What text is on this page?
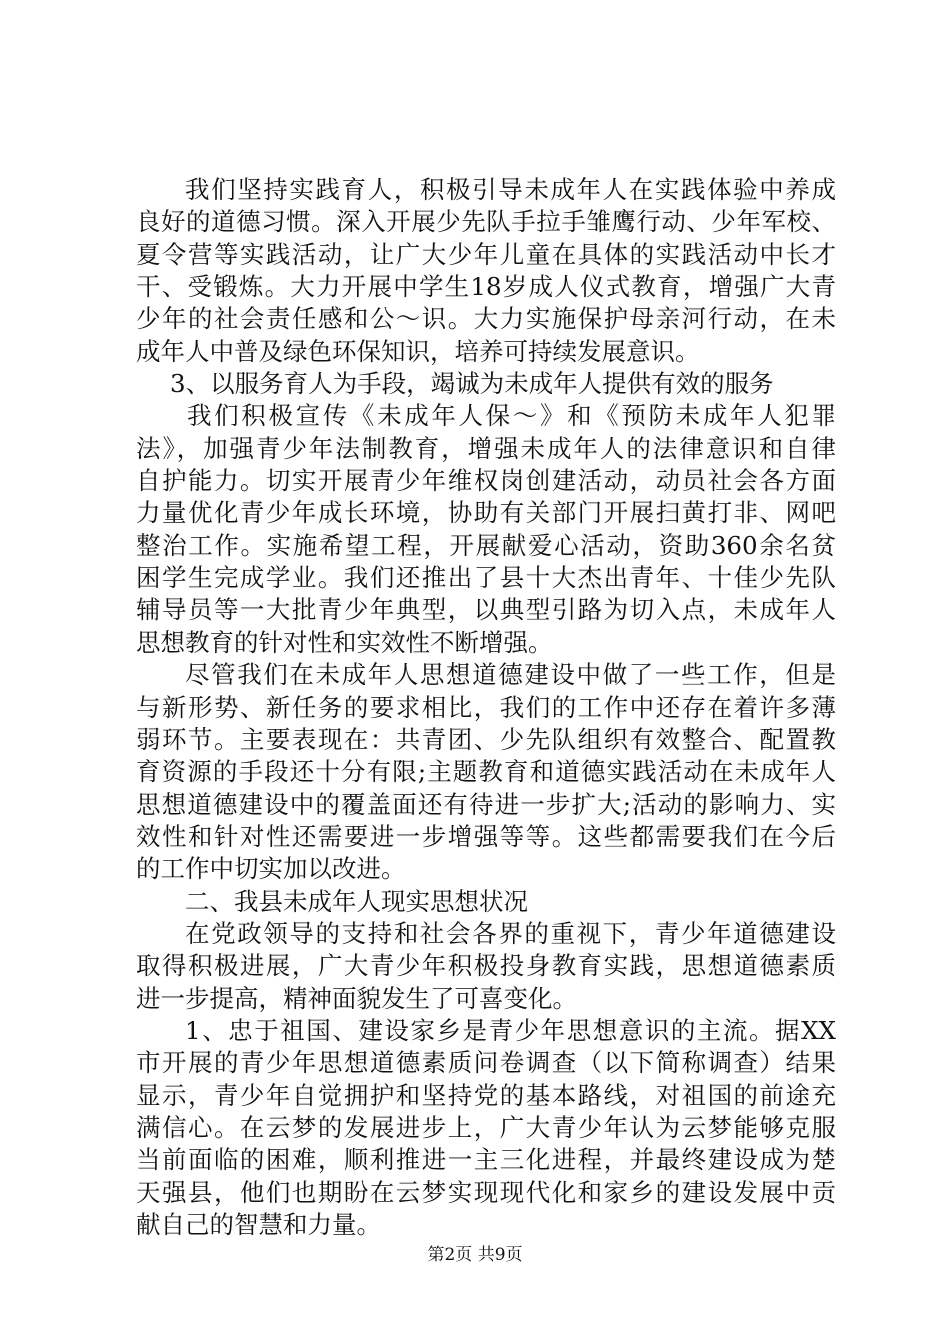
我们坚持实践育人，积极引导未成年人在实践体验中养成
良好的道德习惯。深入开展少先队手拉手雏鹰行动、少年军校、
夏令营等实践活动，让广大少年儿童在具体的实践活动中长才
干、受锻炼。大力开展中学生18岁成人仪式教育，增强广大青
少年的社会责任感和公～识。大力实施保护母亲河行动，在未
成年人中普及绿色环保知识，培养可持续发展意识。
3、以服务育人为手段，竭诚为未成年人提供有效的服务
我们积极宣传《未成年人保～》和《预防未成年人犯罪
法》，加强青少年法制教育，增强未成年人的法律意识和自律
自护能力。切实开展青少年维权岗创建活动，动员社会各方面
力量优化青少年成长环境，协助有关部门开展扫黄打非、网吧
整治工作。实施希望工程，开展献爱心活动，资助360余名贫
困学生完成学业。我们还推出了县十大杰出青年、十佳少先队
辅导员等一大批青少年典型，以典型引路为切入点，未成年人
思想教育的针对性和实效性不断增强。
尽管我们在未成年人思想道德建设中做了一些工作，但是
与新形势、新任务的要求相比，我们的工作中还存在着许多薄
弱环节。主要表现在：共青团、少先队组织有效整合、配置教
育资源的手段还十分有限;主题教育和道德实践活动在未成年人
思想道德建设中的覆盖面还有待进一步扩大;活动的影响力、实
效性和针对性还需要进一步增强等等。这些都需要我们在今后
的工作中切实加以改进。
二、我县未成年人现实思想状况
在党政领导的支持和社会各界的重视下，青少年道德建设
取得积极进展，广大青少年积极投身教育实践，思想道德素质
进一步提高，精神面貌发生了可喜变化。
1、忠于祖国、建设家乡是青少年思想意识的主流。据XX
市开展的青少年思想道德素质问卷调查（以下简称调查）结果
显示，青少年自觉拥护和坚持党的基本路线，对祖国的前途充
满信心。在云梦的发展进步上，广大青少年认为云梦能够克服
当前面临的困难，顺利推进一主三化进程，并最终建设成为楚
天强县，他们也期盼在云梦实现现代化和家乡的建设发展中贡
献自己的智慧和力量。
第2页 共9页
